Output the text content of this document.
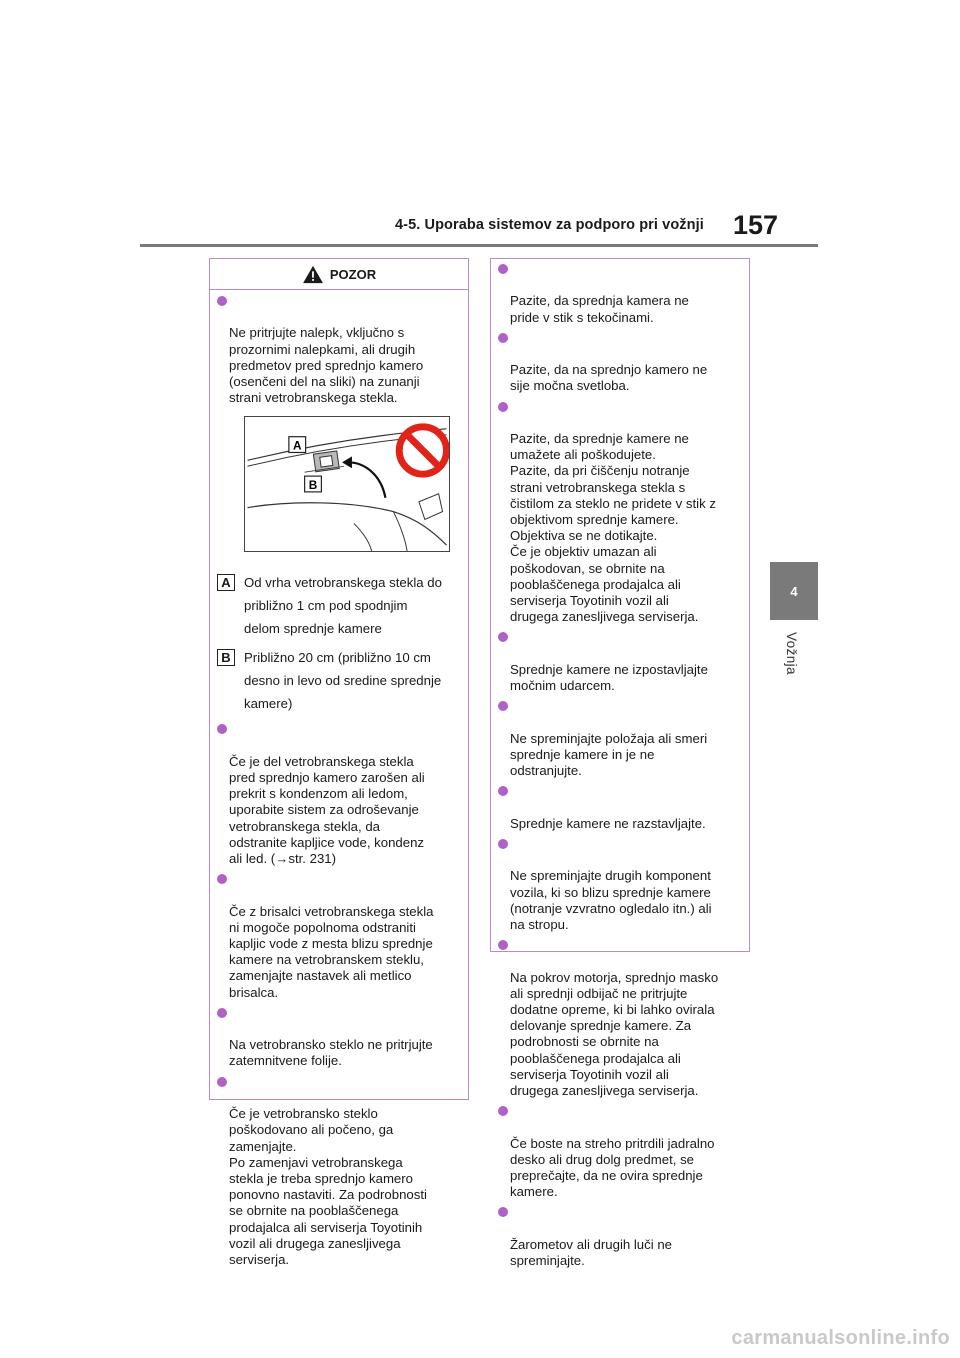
4-5. Uporaba sistemov za podporo pri vožnji 157
4
Vožnja
POZOR

Ne pritrjujte nalepk, vključno s
prozornimi nalepkami, ali drugih
predmetov pred sprednjo kamero
(osenčeni del na sliki) na zunanji
strani vetrobranskega stekla.

A
B
A	Od vrha vetrobranskega stekla do
približno 1 cm pod spodnjim
delom sprednje kamere
B	Približno 20 cm (približno 10 cm
desno in levo od sredine sprednje
kamere)

Če je del vetrobranskega stekla
pred sprednjo kamero zarošen ali
prekrit s kondenzom ali ledom,
uporabite sistem za odroševanje
vetrobranskega stekla, da
odstranite kapljice vode, kondenz
ali led. (→str. 231)

Če z brisalci vetrobranskega stekla
ni mogoče popolnoma odstraniti
kapljic vode z mesta blizu sprednje
kamere na vetrobranskem steklu,
zamenjajte nastavek ali metlico
brisalca.

Na vetrobransko steklo ne pritrjujte
zatemnitvene folije.

Če je vetrobransko steklo
poškodovano ali počeno, ga
zamenjajte.
Po zamenjavi vetrobranskega
stekla je treba sprednjo kamero
ponovno nastaviti. Za podrobnosti
se obrnite na pooblaščenega
prodajalca ali serviserja Toyotinih
vozil ali drugega zanesljivega
serviserja.

Pazite, da sprednja kamera ne
pride v stik s tekočinami.

Pazite, da na sprednjo kamero ne
sije močna svetloba.

Pazite, da sprednje kamere ne
umažete ali poškodujete.
Pazite, da pri čiščenju notranje
strani vetrobranskega stekla s
čistilom za steklo ne pridete v stik z
objektivom sprednje kamere.
Objektiva se ne dotikajte.
Če je objektiv umazan ali
poškodovan, se obrnite na
pooblaščenega prodajalca ali
serviserja Toyotinih vozil ali
drugega zanesljivega serviserja.

Sprednje kamere ne izpostavljajte
močnim udarcem.

Ne spreminjajte položaja ali smeri
sprednje kamere in je ne
odstranjujte.

Sprednje kamere ne razstavljajte.

Ne spreminjajte drugih komponent
vozila, ki so blizu sprednje kamere
(notranje vzvratno ogledalo itn.) ali
na stropu.

Na pokrov motorja, sprednjo masko
ali sprednji odbijač ne pritrjujte
dodatne opreme, ki bi lahko ovirala
delovanje sprednje kamere. Za
podrobnosti se obrnite na
pooblaščenega prodajalca ali
serviserja Toyotinih vozil ali
drugega zanesljivega serviserja.

Če boste na streho pritrdili jadralno
desko ali drug dolg predmet, se
preprečajte, da ne ovira sprednje
kamere.

Žarometov ali drugih luči ne
spreminjajte.

carmanualsonline.info
